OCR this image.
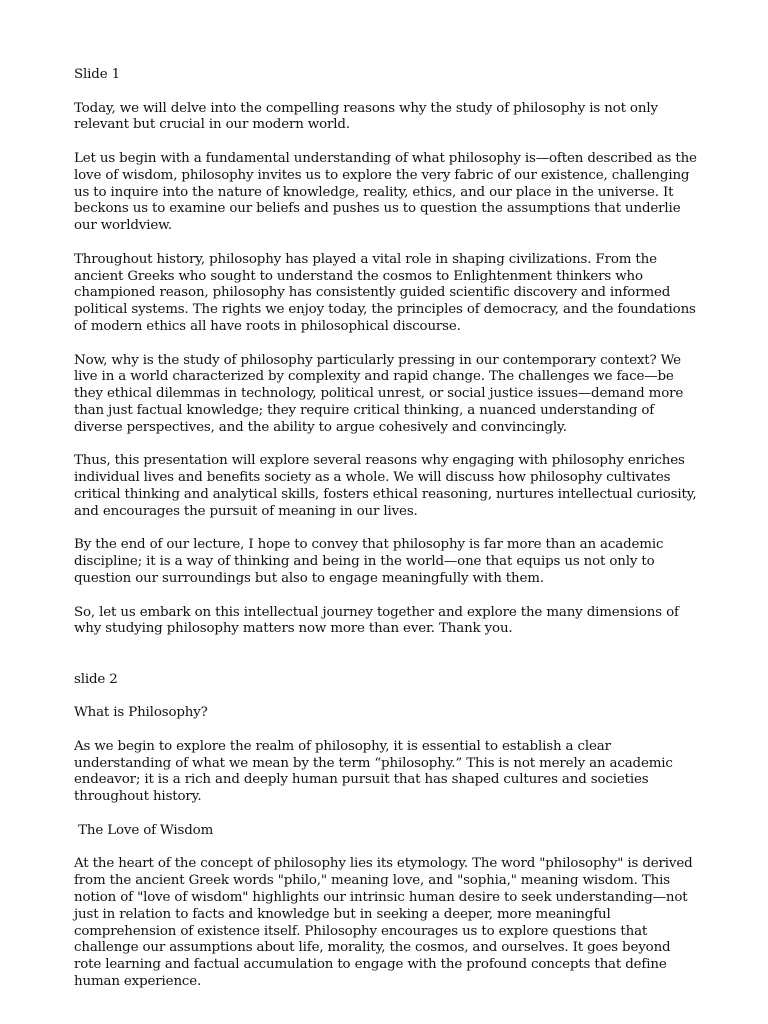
Slide 1

Today, we will delve into the compelling reasons why the study of philosophy is not only relevant but crucial in our modern world.

Let us begin with a fundamental understanding of what philosophy is—often described as the love of wisdom, philosophy invites us to explore the very fabric of our existence, challenging us to inquire into the nature of knowledge, reality, ethics, and our place in the universe. It beckons us to examine our beliefs and pushes us to question the assumptions that underlie our worldview.

Throughout history, philosophy has played a vital role in shaping civilizations. From the ancient Greeks who sought to understand the cosmos to Enlightenment thinkers who championed reason, philosophy has consistently guided scientific discovery and informed political systems. The rights we enjoy today, the principles of democracy, and the foundations of modern ethics all have roots in philosophical discourse.

Now, why is the study of philosophy particularly pressing in our contemporary context? We live in a world characterized by complexity and rapid change. The challenges we face—be they ethical dilemmas in technology, political unrest, or social justice issues—demand more than just factual knowledge; they require critical thinking, a nuanced understanding of diverse perspectives, and the ability to argue cohesively and convincingly.

Thus, this presentation will explore several reasons why engaging with philosophy enriches individual lives and benefits society as a whole. We will discuss how philosophy cultivates critical thinking and analytical skills, fosters ethical reasoning, nurtures intellectual curiosity, and encourages the pursuit of meaning in our lives.

By the end of our lecture, I hope to convey that philosophy is far more than an academic discipline; it is a way of thinking and being in the world—one that equips us not only to question our surroundings but also to engage meaningfully with them.

So, let us embark on this intellectual journey together and explore the many dimensions of why studying philosophy matters now more than ever. Thank you.

slide 2

What is Philosophy?

As we begin to explore the realm of philosophy, it is essential to establish a clear understanding of what we mean by the term “philosophy.” This is not merely an academic endeavor; it is a rich and deeply human pursuit that has shaped cultures and societies throughout history.

The Love of Wisdom

At the heart of the concept of philosophy lies its etymology. The word "philosophy" is derived from the ancient Greek words "philo," meaning love, and "sophia," meaning wisdom. This notion of "love of wisdom" highlights our intrinsic human desire to seek understanding—not just in relation to facts and knowledge but in seeking a deeper, more meaningful comprehension of existence itself. Philosophy encourages us to explore questions that challenge our assumptions about life, morality, the cosmos, and ourselves. It goes beyond rote learning and factual accumulation to engage with the profound concepts that define human experience.
